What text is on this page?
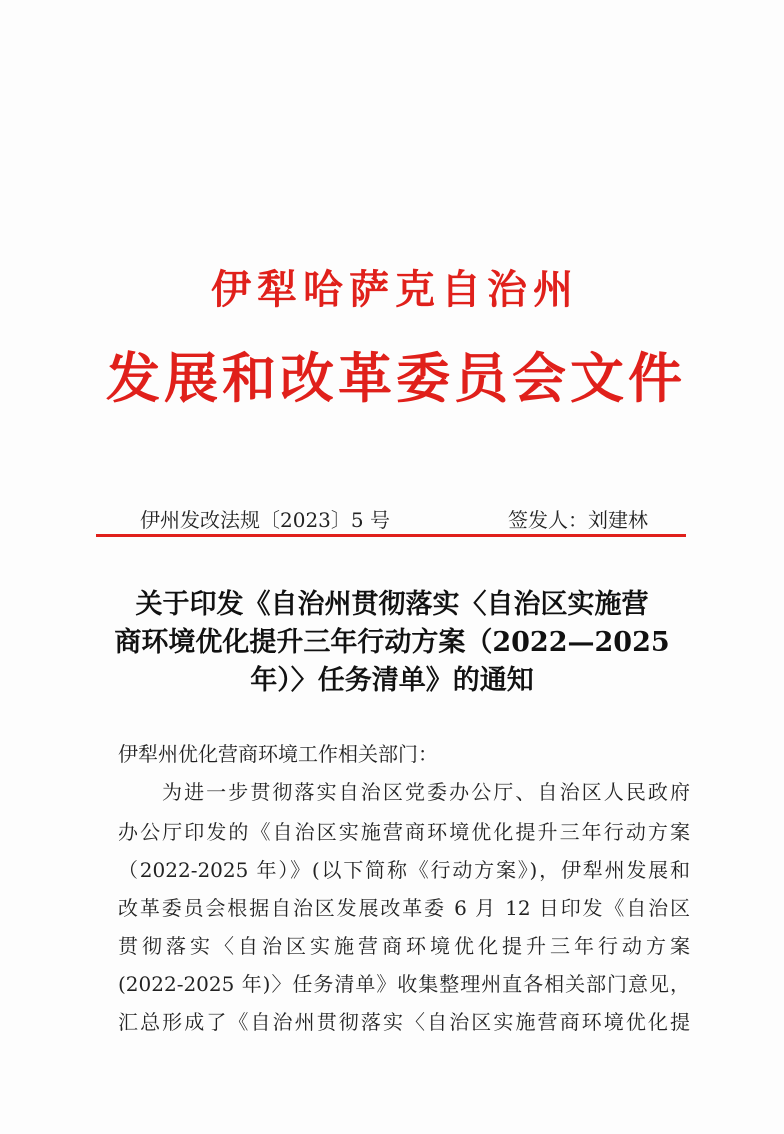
伊犁哈萨克自治州
发展和改革委员会文件
伊州发改法规〔2023〕5 号	签发人：刘建林
关于印发《自治州贯彻落实〈自治区实施营
商环境优化提升三年行动方案（2022—2025
年）〉任务清单》的通知
伊犁州优化营商环境工作相关部门：
为进一步贯彻落实自治区党委办公厅、自治区人民政府
办公厅印发的《自治区实施营商环境优化提升三年行动方案
（2022-2025 年）》(以下简称《行动方案》)，伊犁州发展和
改革委员会根据自治区发展改革委 6 月 12 日印发《自治区
贯彻落实〈自治区实施营商环境优化提升三年行动方案
(2022-2025 年)〉任务清单》收集整理州直各相关部门意见，
汇总形成了《自治州贯彻落实〈自治区实施营商环境优化提
